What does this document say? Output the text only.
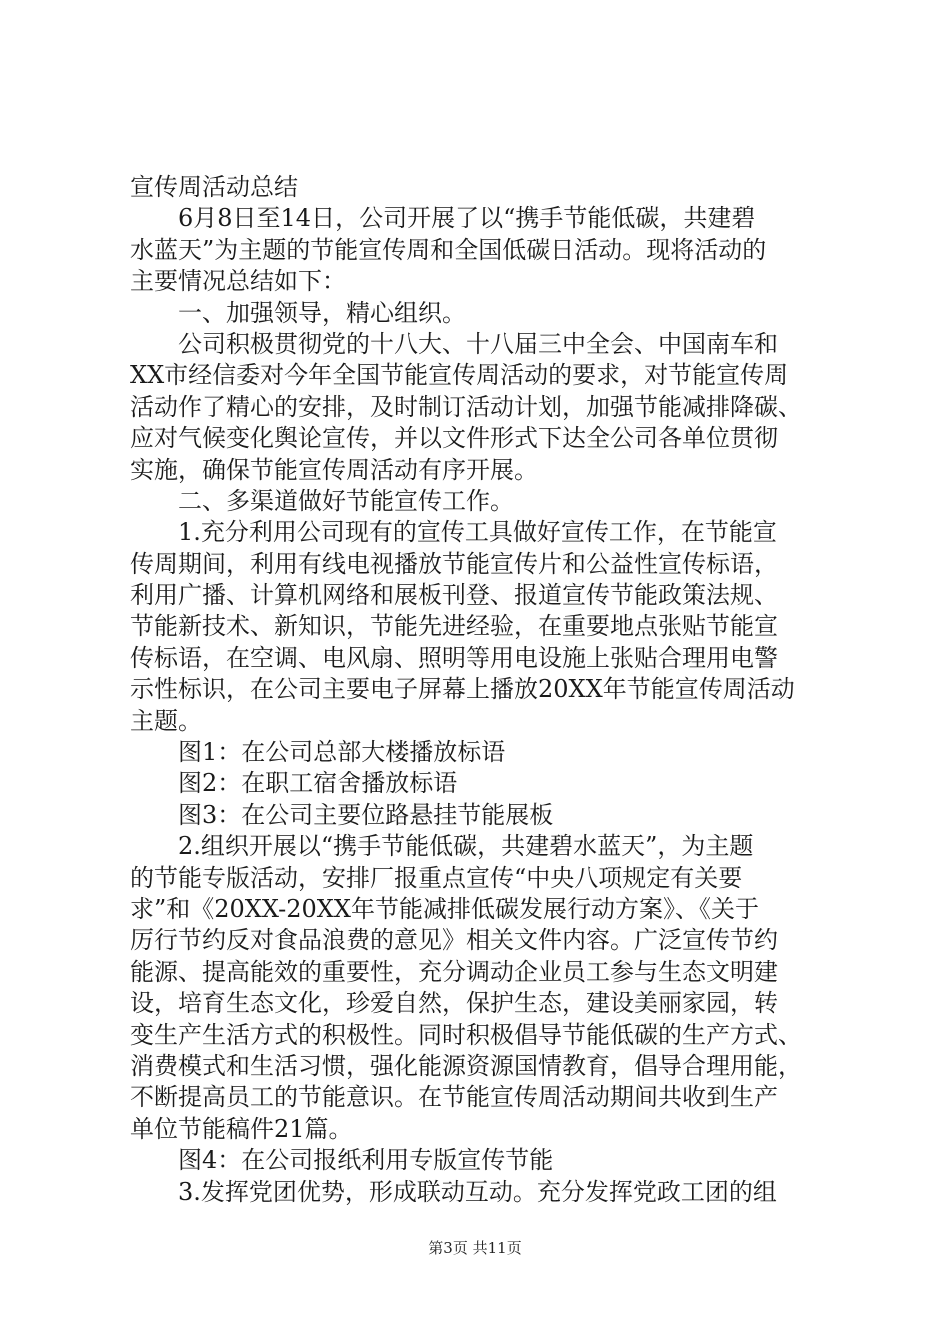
宣传周活动总结
6月8日至14日，公司开展了以“携手节能低碳，共建碧
水蓝天”为主题的节能宣传周和全国低碳日活动。现将活动的
主要情况总结如下：
一、加强领导，精心组织。
公司积极贯彻党的十八大、十八届三中全会、中国南车和
XX市经信委对今年全国节能宣传周活动的要求，对节能宣传周
活动作了精心的安排，及时制订活动计划，加强节能减排降碳、
应对气候变化舆论宣传，并以文件形式下达全公司各单位贯彻
实施，确保节能宣传周活动有序开展。
二、多渠道做好节能宣传工作。
1.充分利用公司现有的宣传工具做好宣传工作，在节能宣
传周期间，利用有线电视播放节能宣传片和公益性宣传标语，
利用广播、计算机网络和展板刊登、报道宣传节能政策法规、
节能新技术、新知识，节能先进经验，在重要地点张贴节能宣
传标语，在空调、电风扇、照明等用电设施上张贴合理用电警
示性标识，在公司主要电子屏幕上播放20XX年节能宣传周活动
主题。
图1：在公司总部大楼播放标语
图2：在职工宿舍播放标语
图3：在公司主要位路悬挂节能展板
2.组织开展以“携手节能低碳，共建碧水蓝天”，为主题
的节能专版活动，安排厂报重点宣传“中央八项规定有关要
求”和《20XX-20XX年节能减排低碳发展行动方案》、《关于
厉行节约反对食品浪费的意见》相关文件内容。广泛宣传节约
能源、提高能效的重要性，充分调动企业员工参与生态文明建
设，培育生态文化，珍爱自然，保护生态，建设美丽家园，转
变生产生活方式的积极性。同时积极倡导节能低碳的生产方式、
消费模式和生活习惯，强化能源资源国情教育，倡导合理用能，
不断提高员工的节能意识。在节能宣传周活动期间共收到生产
单位节能稿件21篇。
图4：在公司报纸利用专版宣传节能
3.发挥党团优势，形成联动互动。充分发挥党政工团的组
第3页 共11页
